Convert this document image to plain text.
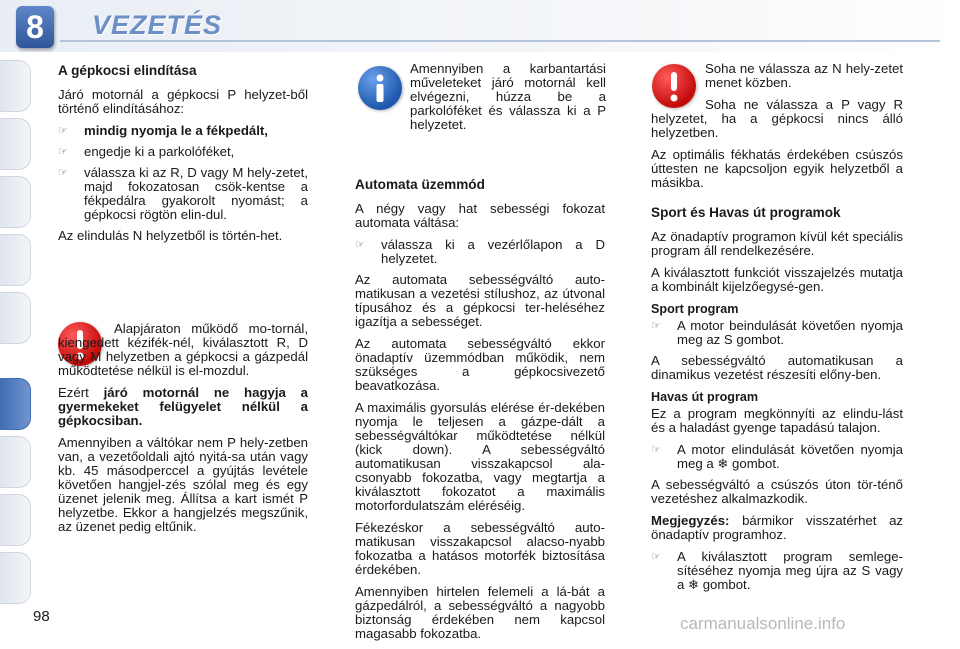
8	VEZETÉS
A gépkocsi elindítása

Járó motornál a gépkocsi P helyzet-ből történő elindításához:

☞	mindig nyomja le a fékpedált,
☞	engedje ki a parkolóféket,
☞	válassza ki az R, D vagy M hely-zetet, majd fokozatosan csök-kentse a fékpedálra gyakorolt nyomást; a gépkocsi rögtön elin-dul.

Az elindulás N helyzetből is történ-het.

Alapjáraton működő mo-tornál, kiengedett kézifék-nél, kiválasztott R, D vagy M helyzetben a gépkocsi a gázpedál működtetése nélkül is el-mozdul.

Ezért járó motornál ne hagyja a gyermekeket felügyelet nélkül a gépkocsiban.

Amennyiben a váltókar nem P hely-zetben van, a vezetőoldali ajtó nyitá-sa után vagy kb. 45 másodperccel a gyújtás levétele követően hangjel-zés szólal meg és egy üzenet jelenik meg. Állítsa a kart ismét P helyzetbe. Ekkor a hangjelzés megszűnik, az üzenet pedig eltűnik.

Amennyiben a karbantartási műveleteket járó motornál kell elvégezni, húzza be a parkolóféket és válassza ki a P helyzetet.

Automata üzemmód

A négy vagy hat sebességi fokozat automata váltása:

☞	válassza ki a vezérlőlapon a D helyzetet.

Az automata sebességváltó auto-matikusan a vezetési stílushoz, az útvonal típusához és a gépkocsi ter-heléséhez igazítja a sebességet.

Az automata sebességváltó ekkor önadaptív üzemmódban működik, nem szükséges a gépkocsivezető beavatkozása.

A maximális gyorsulás elérése ér-dekében nyomja le teljesen a gázpe-dált a sebességváltókar működtetése nélkül (kick down). A sebességváltó automatikusan visszakapcsol ala-csonyabb fokozatba, vagy megtartja a kiválasztott fokozatot a maximális motorfordulatszám eléréséig.

Fékezéskor a sebességváltó auto-matikusan visszakapcsol alacso-nyabb fokozatba a hatásos motorfék biztosítása érdekében.

Amennyiben hirtelen felemeli a lá-bát a gázpedálról, a sebességváltó a nagyobb biztonság érdekében nem kapcsol magasabb fokozatba.

Soha ne válassza az N hely-zetet menet közben.

Soha ne válassza a P vagy R helyzetet, ha a gépkocsi nincs álló helyzetben.

Az optimális fékhatás érdekében csúszós úttesten ne kapcsoljon egyik helyzetből a másikba.

Sport és Havas út programok

Az önadaptív programon kívül két speciális program áll rendelkezésére.

A kiválasztott funkciót visszajelzés mutatja a kombinált kijelzőegysé-gen.

Sport program
☞	A motor beindulását követően nyomja meg az S gombot.

A sebességváltó automatikusan a dinamikus vezetést részesíti előny-ben.

Havas út program

Ez a program megkönnyíti az elindu-lást és a haladást gyenge tapadású talajon.

☞	A motor elindulását követően nyomja meg a ❄ gombot.

A sebességváltó a csúszós úton tör-ténő vezetéshez alkalmazkodik.

Megjegyzés: bármikor visszatérhet az önadaptív programhoz.

☞	A kiválasztott program semlege-sítéséhez nyomja meg újra az S vagy a ❄ gombot.
98	carmanualsonline.info
